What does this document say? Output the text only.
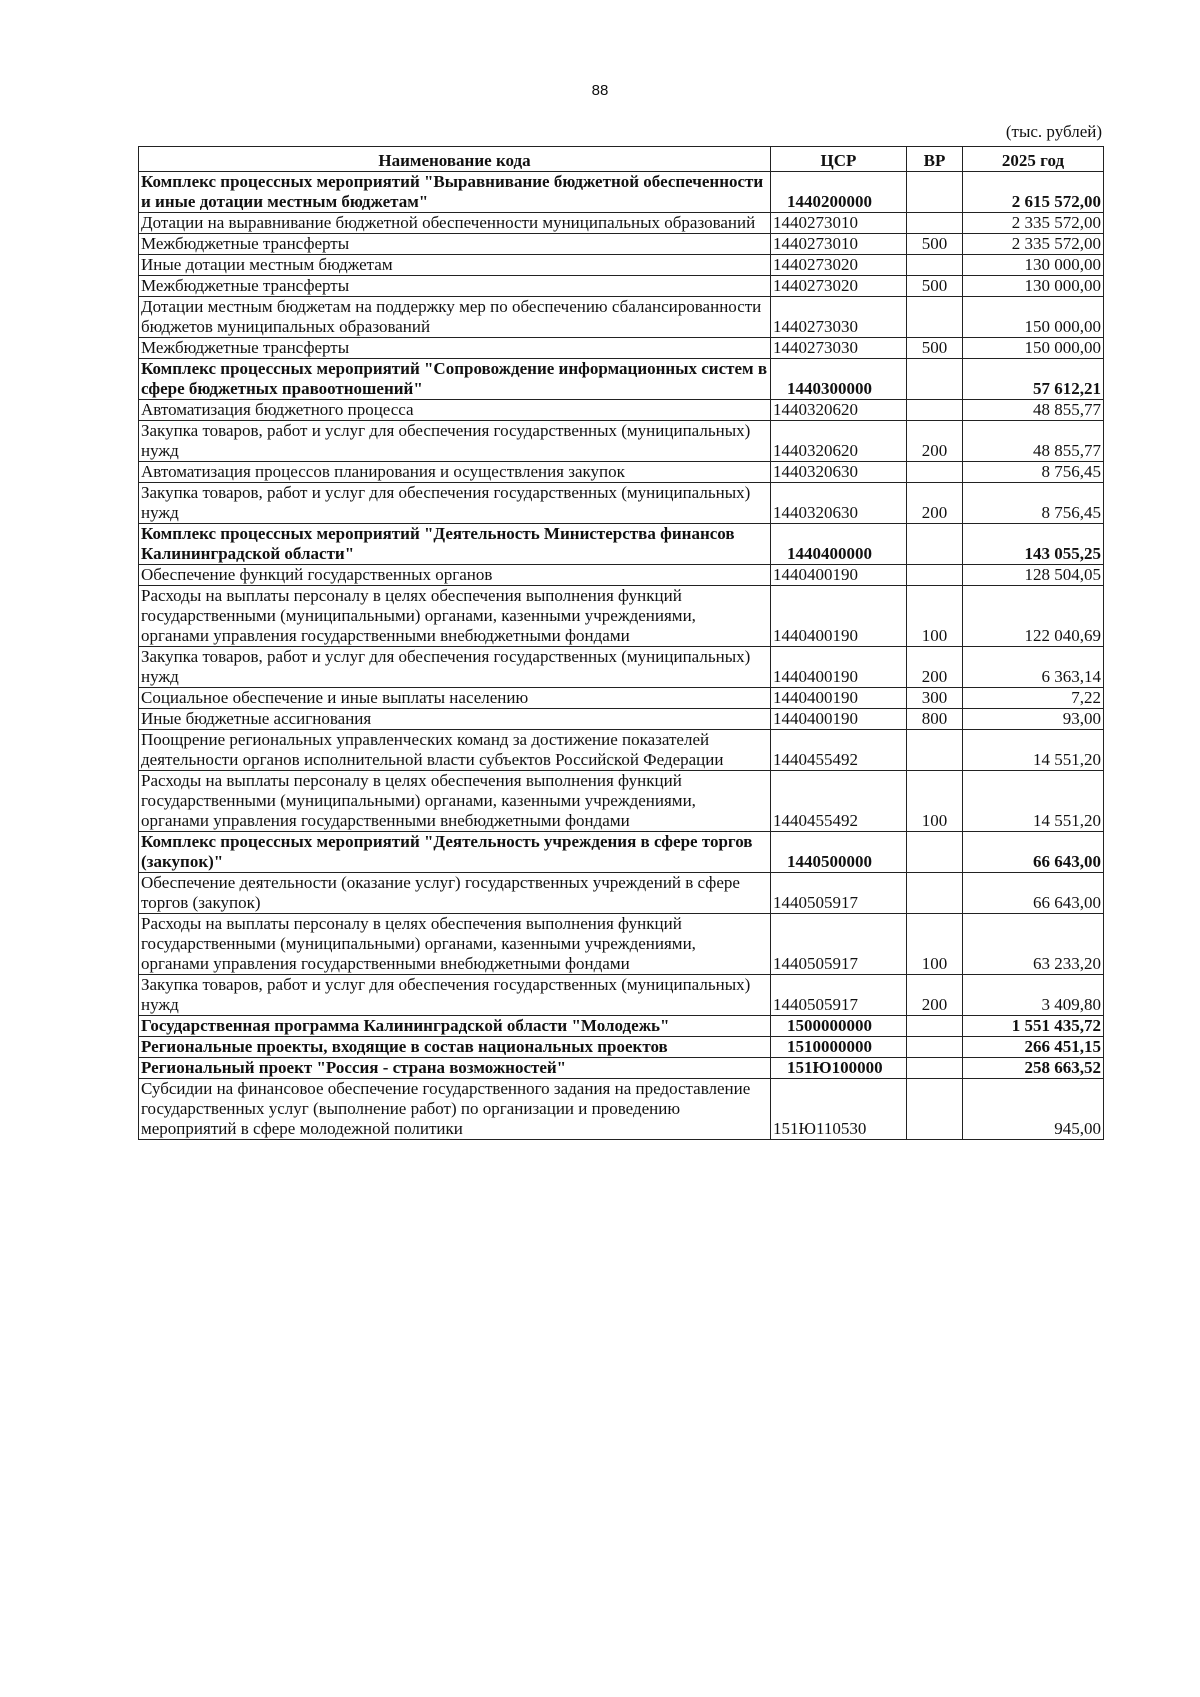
88
(тыс. рублей)
Наименование кода	ЦСР	ВР	2025 год
Комплекс процессных мероприятий "Выравнивание бюджетной обеспеченности и иные дотации местным бюджетам"	1440200000		2 615 572,00
Дотации на выравнивание бюджетной обеспеченности муниципальных образований	1440273010		2 335 572,00
Межбюджетные трансферты	1440273010	500	2 335 572,00
Иные дотации местным бюджетам	1440273020		130 000,00
Межбюджетные трансферты	1440273020	500	130 000,00
Дотации местным бюджетам на поддержку мер по обеспечению сбалансированности бюджетов муниципальных образований	1440273030		150 000,00
Межбюджетные трансферты	1440273030	500	150 000,00
Комплекс процессных мероприятий "Сопровождение информационных систем в сфере бюджетных правоотношений"	1440300000		57 612,21
Автоматизация бюджетного процесса	1440320620		48 855,77
Закупка товаров, работ и услуг для обеспечения государственных (муниципальных) нужд	1440320620	200	48 855,77
Автоматизация процессов планирования и осуществления закупок	1440320630		8 756,45
Закупка товаров, работ и услуг для обеспечения государственных (муниципальных) нужд	1440320630	200	8 756,45
Комплекс процессных мероприятий "Деятельность Министерства финансов Калининградской области"	1440400000		143 055,25
Обеспечение функций государственных органов	1440400190		128 504,05
Расходы на выплаты персоналу в целях обеспечения выполнения функций государственными (муниципальными) органами, казенными учреждениями, органами управления государственными внебюджетными фондами	1440400190	100	122 040,69
Закупка товаров, работ и услуг для обеспечения государственных (муниципальных) нужд	1440400190	200	6 363,14
Социальное обеспечение и иные выплаты населению	1440400190	300	7,22
Иные бюджетные ассигнования	1440400190	800	93,00
Поощрение региональных управленческих команд за достижение показателей деятельности органов исполнительной власти субъектов Российской Федерации	1440455492		14 551,20
Расходы на выплаты персоналу в целях обеспечения выполнения функций государственными (муниципальными) органами, казенными учреждениями, органами управления государственными внебюджетными фондами	1440455492	100	14 551,20
Комплекс процессных мероприятий "Деятельность учреждения в сфере торгов (закупок)"	1440500000		66 643,00
Обеспечение деятельности (оказание услуг) государственных учреждений в сфере торгов (закупок)	1440505917		66 643,00
Расходы на выплаты персоналу в целях обеспечения выполнения функций государственными (муниципальными) органами, казенными учреждениями, органами управления государственными внебюджетными фондами	1440505917	100	63 233,20
Закупка товаров, работ и услуг для обеспечения государственных (муниципальных) нужд	1440505917	200	3 409,80
Государственная программа Калининградской области "Молодежь"	1500000000		1 551 435,72
Региональные проекты, входящие в состав национальных проектов	1510000000		266 451,15
Региональный проект "Россия - страна возможностей"	151Ю100000		258 663,52
Субсидии на финансовое обеспечение государственного задания на предоставление государственных услуг (выполнение работ) по организации и проведению мероприятий в сфере молодежной политики	151Ю110530		945,00
